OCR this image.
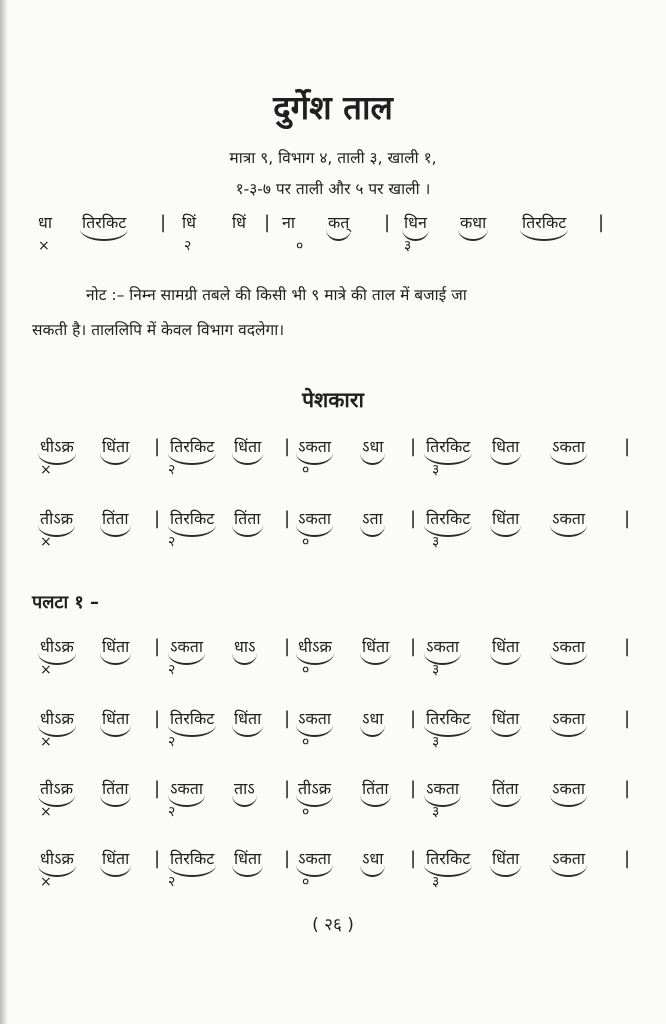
दुर्गेश ताल
मात्रा ९, विभाग ४, ताली ३, खाली १,
१-३-७ पर ताली और ५ पर खाली ।
धा तिरकिट | धिं धिं | ना कत् | धिन कधा तिरकिट |
×	२	०	३
नोट :– निम्न सामग्री तबले की किसी भी ९ मात्रे की ताल में बजाई जा
सकती है। ताललिपि में केवल विभाग वदलेगा।
पेशकारा
धीऽक्र धिंता | तिरकिट धिंता | ऽकता ऽधा | तिरकिट धिता ऽकता |
×	२	०	३
तीऽक्र तिंता | तिरकिट तिंता | ऽकता ऽता | तिरकिट धिंता ऽकता |
×	२	०	३
पलटा १ –
धीऽक्र धिंता | ऽकता धाऽ | धीऽक्र धिंता | ऽकता धिंता ऽकता |
×	२	०	३
धीऽक्र धिंता | तिरकिट धिंता | ऽकता ऽधा | तिरकिट धिंता ऽकता |
×	२	०	३
तीऽक्र तिंता | ऽकता ताऽ | तीऽक्र तिंता | ऽकता तिंता ऽकता |
×	२	०	३
धीऽक्र धिंता | तिरकिट धिंता | ऽकता ऽधा | तिरकिट धिंता ऽकता |
×	२	०	३
( २६ )
